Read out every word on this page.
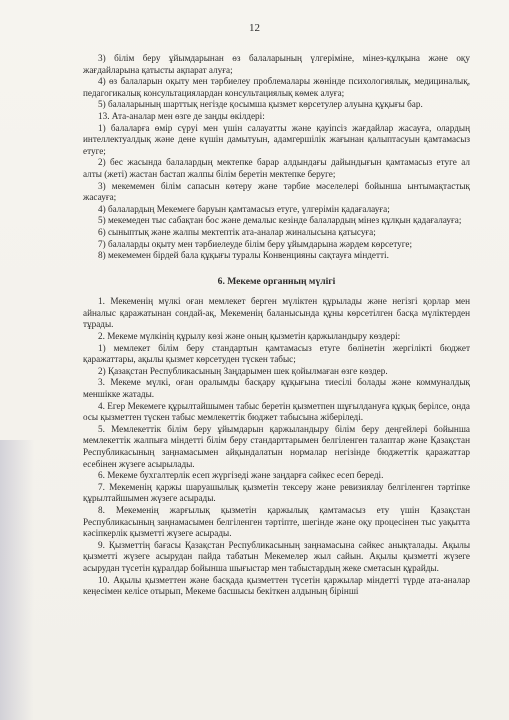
12

3) білім беру ұйымдарынан өз балаларының үлгеріміне, мінез-құлқына және оқу жағдайларына қатысты ақпарат алуға;

4) өз балаларын оқыту мен тәрбиелеу проблемалары жөнінде психологиялық, медициналық, педагогикалық консультациялардан консультациялық көмек алуға;

5) балаларының шарттық негізде қосымша қызмет көрсетулер алуына құқығы бар.

13. Ата-аналар мен өзге де заңды өкілдері:

1) балаларға өмір сүруі мен үшін салауатты және қауіпсіз жағдайлар жасауға, олардың интеллектуалдық және дене күшін дамытуын, адамгершілік жағынан қалыптасуын қамтамасыз етуге;

2) бес жасында балалардың мектепке барар алдындағы дайындығын қамтамасыз етуге ал алты (жеті) жастан бастап жалпы білім беретін мектепке беруге;

3) мекемемен білім сапасын көтеру және тәрбие мәселелері бойынша ынтымақтастық жасауға;

4) балалардың Мекемеге баруын қамтамасыз етуге, үлгерімін қадағалауға;

5) мекемеден тыс сабақтан бос және демалыс кезінде балалардың мінез құлқын қадағалауға;

6) сыныптық және жалпы мектептік ата-аналар жиналысына қатысуға;

7) балаларды оқыту мен тәрбиелеуде білім беру ұйымдарына жәрдем көрсетуге;

8) мекемемен бірдей бала құқығы туралы Конвенцияны сақтауға міндетті.

6. Мекеме органның мүлігі

1. Мекеменің мүлкі оған мемлекет берген мүліктен құрылады және негізгі қорлар мен айналыс қаражатынан сондай-ақ, Мекеменің баланысында құны көрсетілген басқа мүліктерден тұрады.

2. Мекеме мүлкінің құрылу көзі және оның қызметін қаржыландыру көздері:

1) мемлекет білім беру стандартын қамтамасыз етуге бөлінетін жергілікті бюджет қаражаттары, ақылы қызмет көрсетуден түскен табыс;

2) Қазақстан Республикасының Заңдарымен шек қойылмаған өзге көздер.

3. Мекеме мүлкі, оған оралымды басқару құқығына тиесілі болады және коммуналдық меншікке жатады.

4. Егер Мекемеге құрылтайшымен табыс беретін қызметпен шұғылдануға құқық берілсе, онда осы қызметтен түскен табыс мемлекеттік бюджет табысына жіберіледі.

5. Мемлекеттік білім беру ұйымдарын қаржыландыру білім беру деңгейлері бойынша мемлекеттік жалпыға міндетті білім беру стандарттарымен белгіленген талаптар және Қазақстан Республикасының заңнамасымен айқындалатын нормалар негізінде бюджеттік қаражаттар есебінен жүзеге асырылады.

6. Мекеме бухгалтерлік есеп жүргізеді және заңдарға сәйкес есеп береді.

7. Мекеменің қаржы шаруашылық қызметін тексеру және ревизиялау белгіленген тәртіпке құрылтайшымен жүзеге асырады.

8. Мекеменің жарғылық қызметін қаржылық қамтамасыз ету үшін Қазақстан Республикасының заңнамасымен белгіленген тәртіпте, шегінде және оқу процесінен тыс уақытта кәсіпкерлік қызметті жүзеге асырады.

9. Қызметтің бағасы Қазақстан Республикасының заңнамасына сәйкес анықталады. Ақылы қызметті жүзеге асырудан пайда табатын Мекемелер жыл сайын. Ақылы қызметті жүзеге асырудан түсетін құралдар бойынша шығыстар мен табыстардың жеке сметасын құрайды.

10. Ақылы қызметтен және басқада қызметтен түсетін қаржылар міндетті түрде ата-аналар кеңесімен келісе отырып, Мекеме басшысы бекіткен алдының бірінші
